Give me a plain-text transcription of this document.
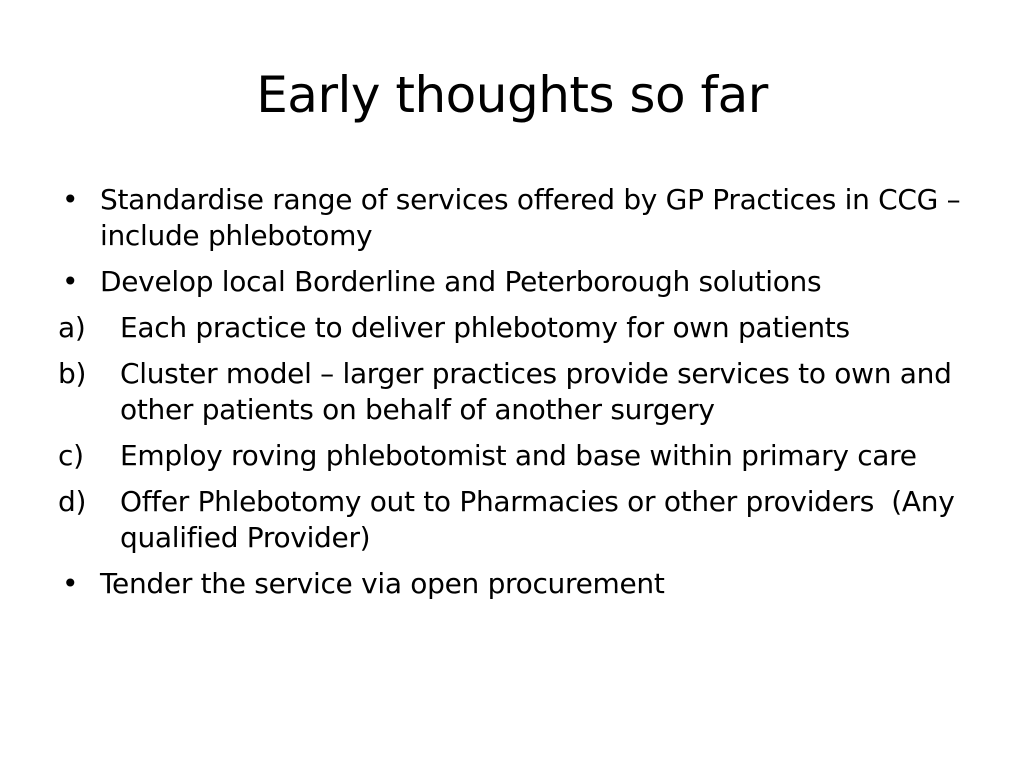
Early thoughts so far
• Standardise range of services offered by GP Practices in CCG – include phlebotomy
• Develop local Borderline and Peterborough solutions
a) Each practice to deliver phlebotomy for own patients
b) Cluster model – larger practices provide services to own and other patients on behalf of another surgery
c) Employ roving phlebotomist and base within primary care
d) Offer Phlebotomy out to Pharmacies or other providers  (Any qualified Provider)
• Tender the service via open procurement
